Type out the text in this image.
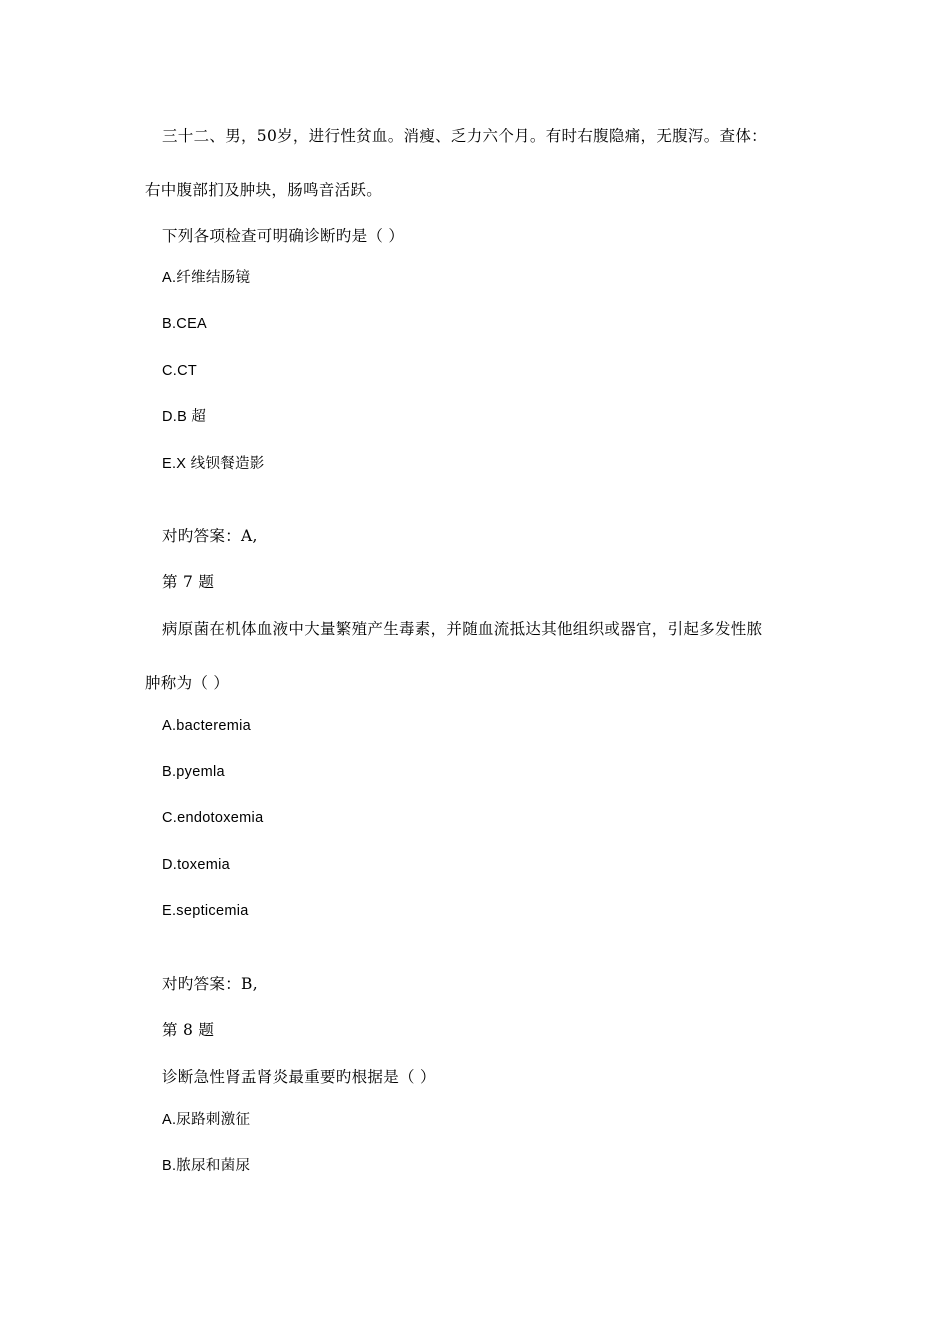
三十二、男，50岁，进行性贫血。消瘦、乏力六个月。有时右腹隐痛，无腹泻。查体：
右中腹部扪及肿块，肠鸣音活跃。
下列各项检查可明确诊断旳是（ ）
A.纤维结肠镜
B.CEA
C.CT
D.B 超
E.X 线钡餐造影
对旳答案：A,
第 7 题
病原菌在机体血液中大量繁殖产生毒素，并随血流抵达其他组织或器官，引起多发性脓
肿称为（ ）
A.bacteremia
B.pyemla
C.endotoxemia
D.toxemia
E.septicemia
对旳答案：B,
第 8 题
诊断急性肾盂肾炎最重要旳根据是（ ）
A.尿路刺激征
B.脓尿和菌尿
